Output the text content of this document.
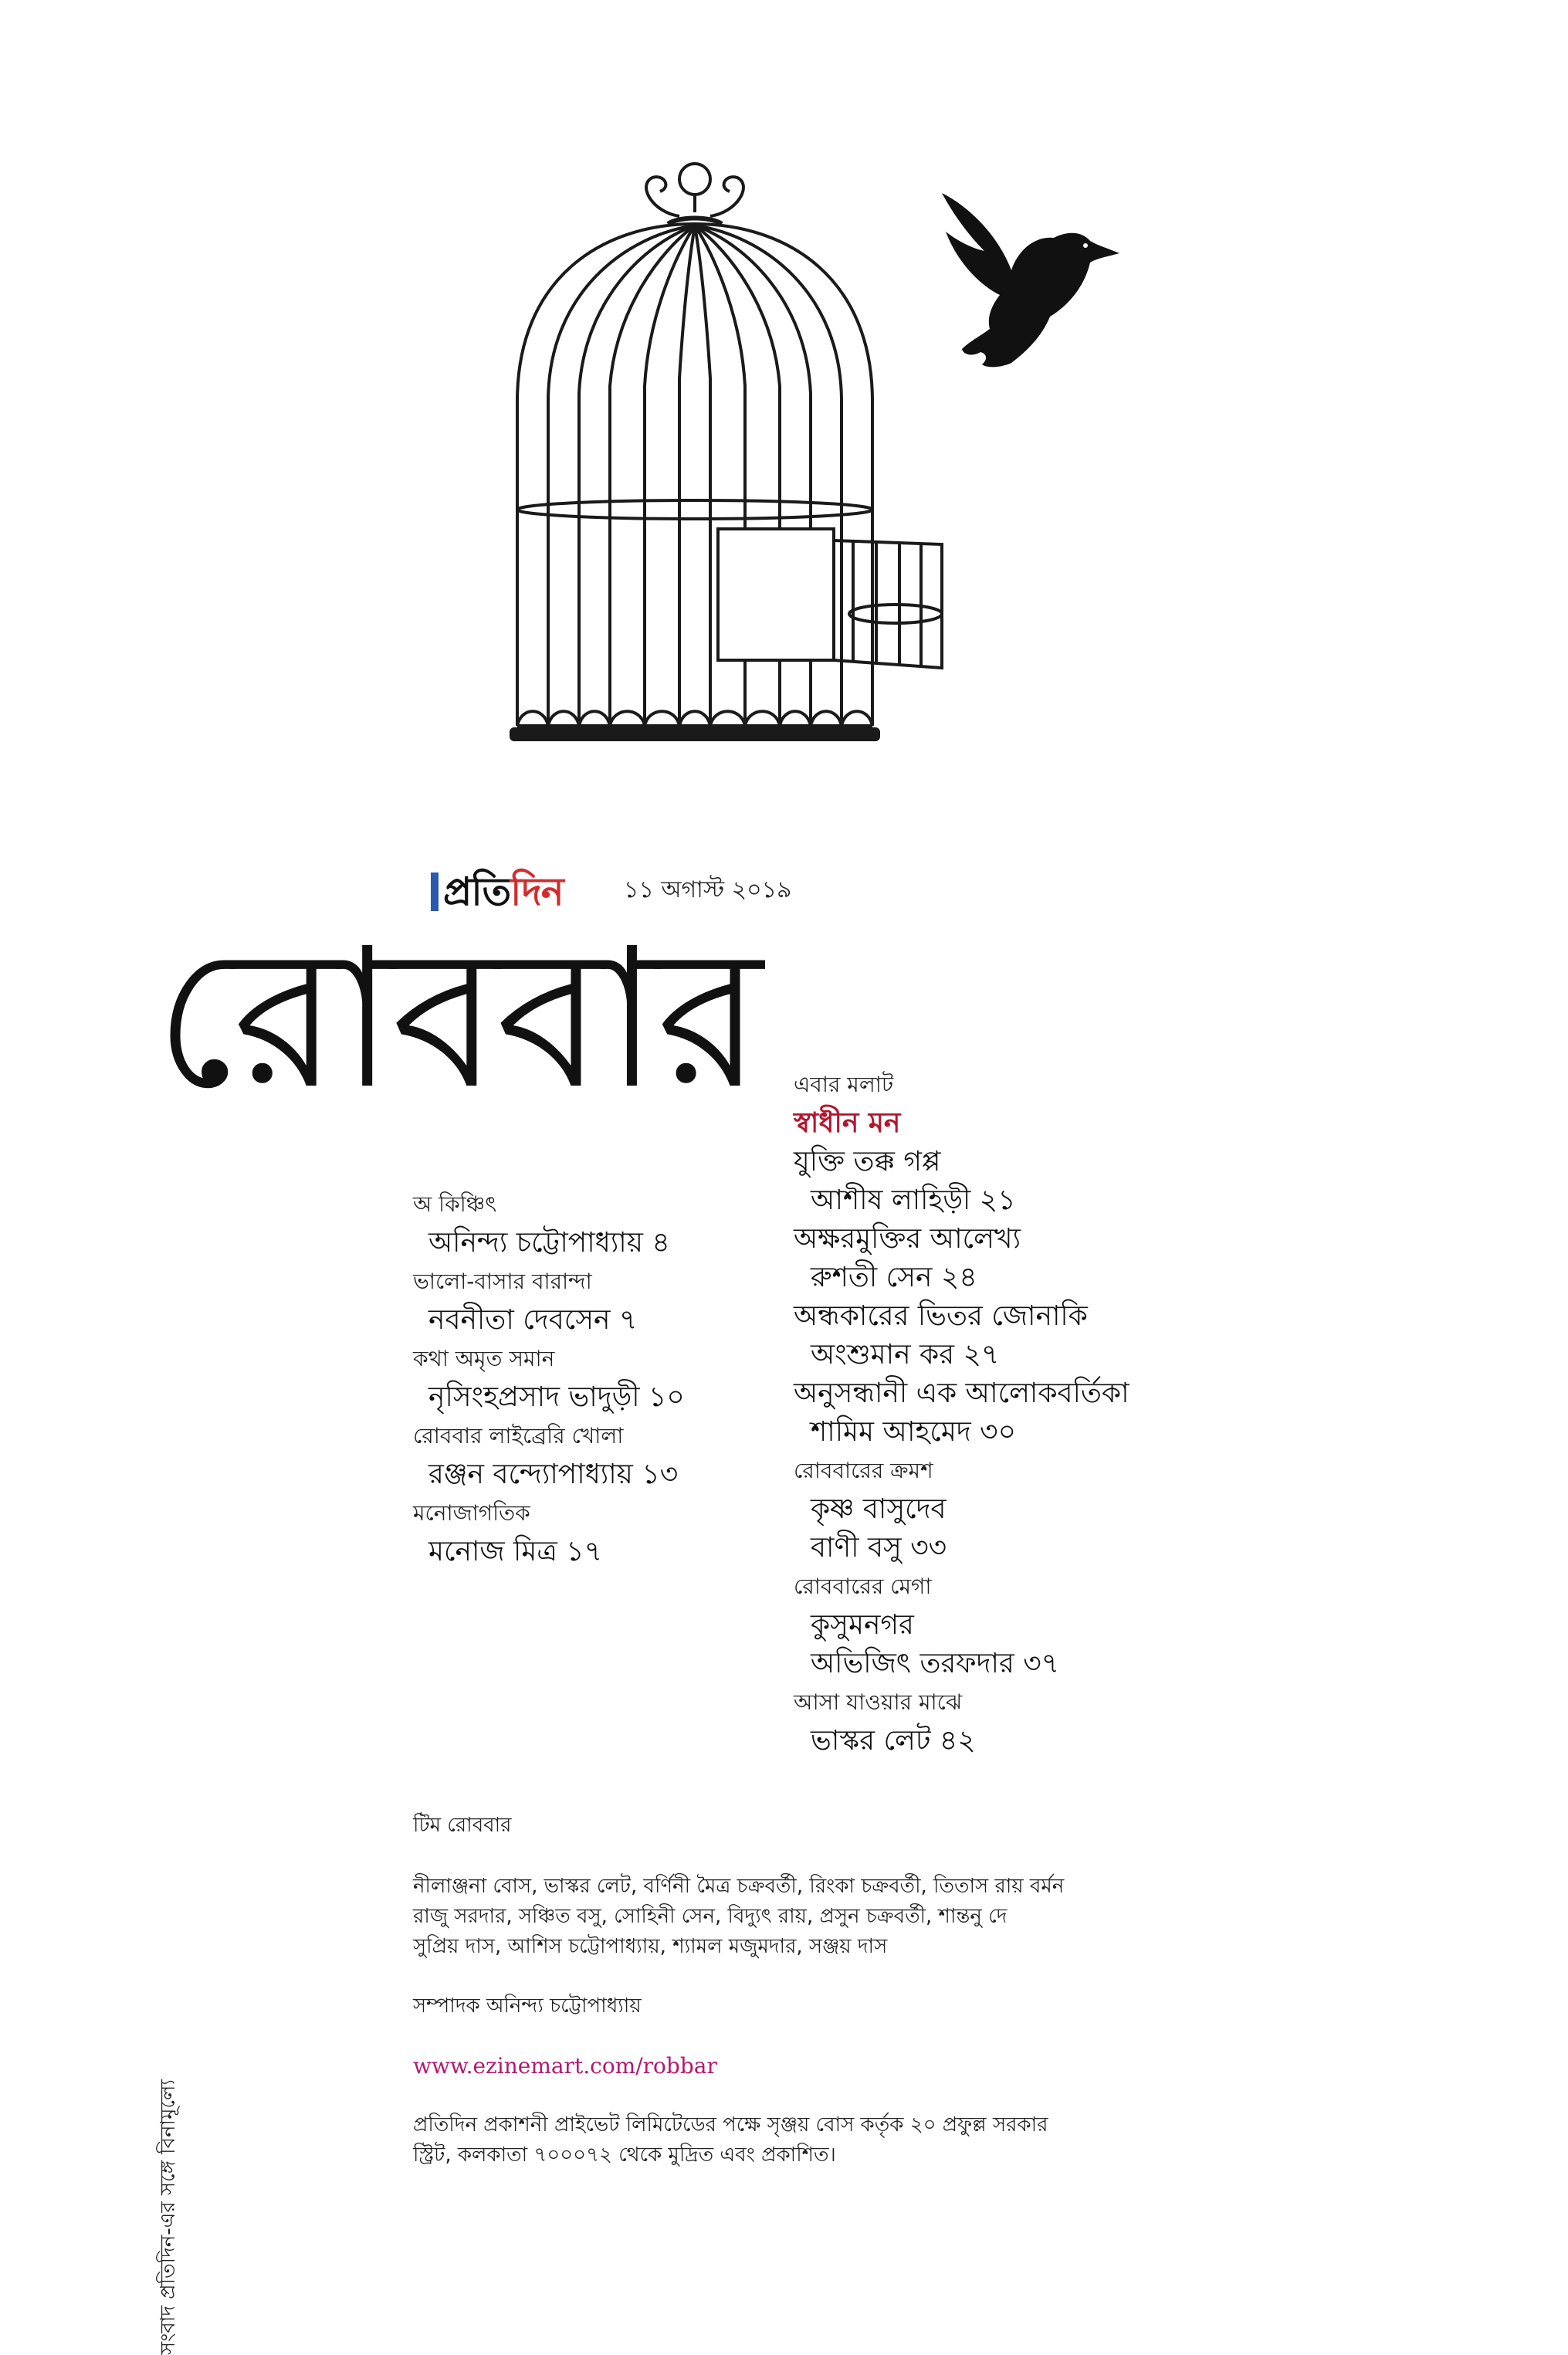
প্রতিদিন	১১ অগাস্ট ২০১৯
রোববার
অ কিঞ্চিৎ
অনিন্দ্য চট্টোপাধ্যায় ৪
ভালো-বাসার বারান্দা
নবনীতা দেবসেন ৭
কথা অমৃত সমান
নৃসিংহপ্রসাদ ভাদুড়ী ১০
রোববার লাইব্রেরি খোলা
রঞ্জন বন্দ্যোপাধ্যায় ১৩
মনোজাগতিক
মনোজ মিত্র ১৭
এবার মলাট
স্বাধীন মন
যুক্তি তক্ক গপ্প
আশীষ লাহিড়ী ২১
অক্ষরমুক্তির আলেখ্য
রুশতী সেন ২৪
অন্ধকারের ভিতর জোনাকি
অংশুমান কর ২৭
অনুসন্ধানী এক আলোকবর্তিকা
শামিম আহমেদ ৩০
রোববারের ক্রমশ
কৃষ্ণ বাসুদেব
বাণী বসু ৩৩
রোববারের মেগা
কুসুমনগর
অভিজিৎ তরফদার ৩৭
আসা যাওয়ার মাঝে
ভাস্কর লেট ৪২
টিম রোববার
নীলাঞ্জনা বোস, ভাস্কর লেট, বর্ণিনী মৈত্র চক্রবর্তী, রিংকা চক্রবর্তী, তিতাস রায় বর্মন
রাজু সরদার, সঞ্চিত বসু, সোহিনী সেন, বিদ্যুৎ রায়, প্রসুন চক্রবর্তী, শান্তনু দে
সুপ্রিয় দাস, আশিস চট্টোপাধ্যায়, শ্যামল মজুমদার, সঞ্জয় দাস
সম্পাদক অনিন্দ্য চট্টোপাধ্যায়
www.ezinemart.com/robbar
প্রতিদিন প্রকাশনী প্রাইভেট লিমিটেডের পক্ষে সৃঞ্জয় বোস কর্তৃক ২০ প্রফুল্ল সরকার
স্ট্রিট, কলকাতা ৭০০০৭২ থেকে মুদ্রিত এবং প্রকাশিত।
সংবাদ প্রতিদিন-এর সঙ্গে বিনামূল্যে
